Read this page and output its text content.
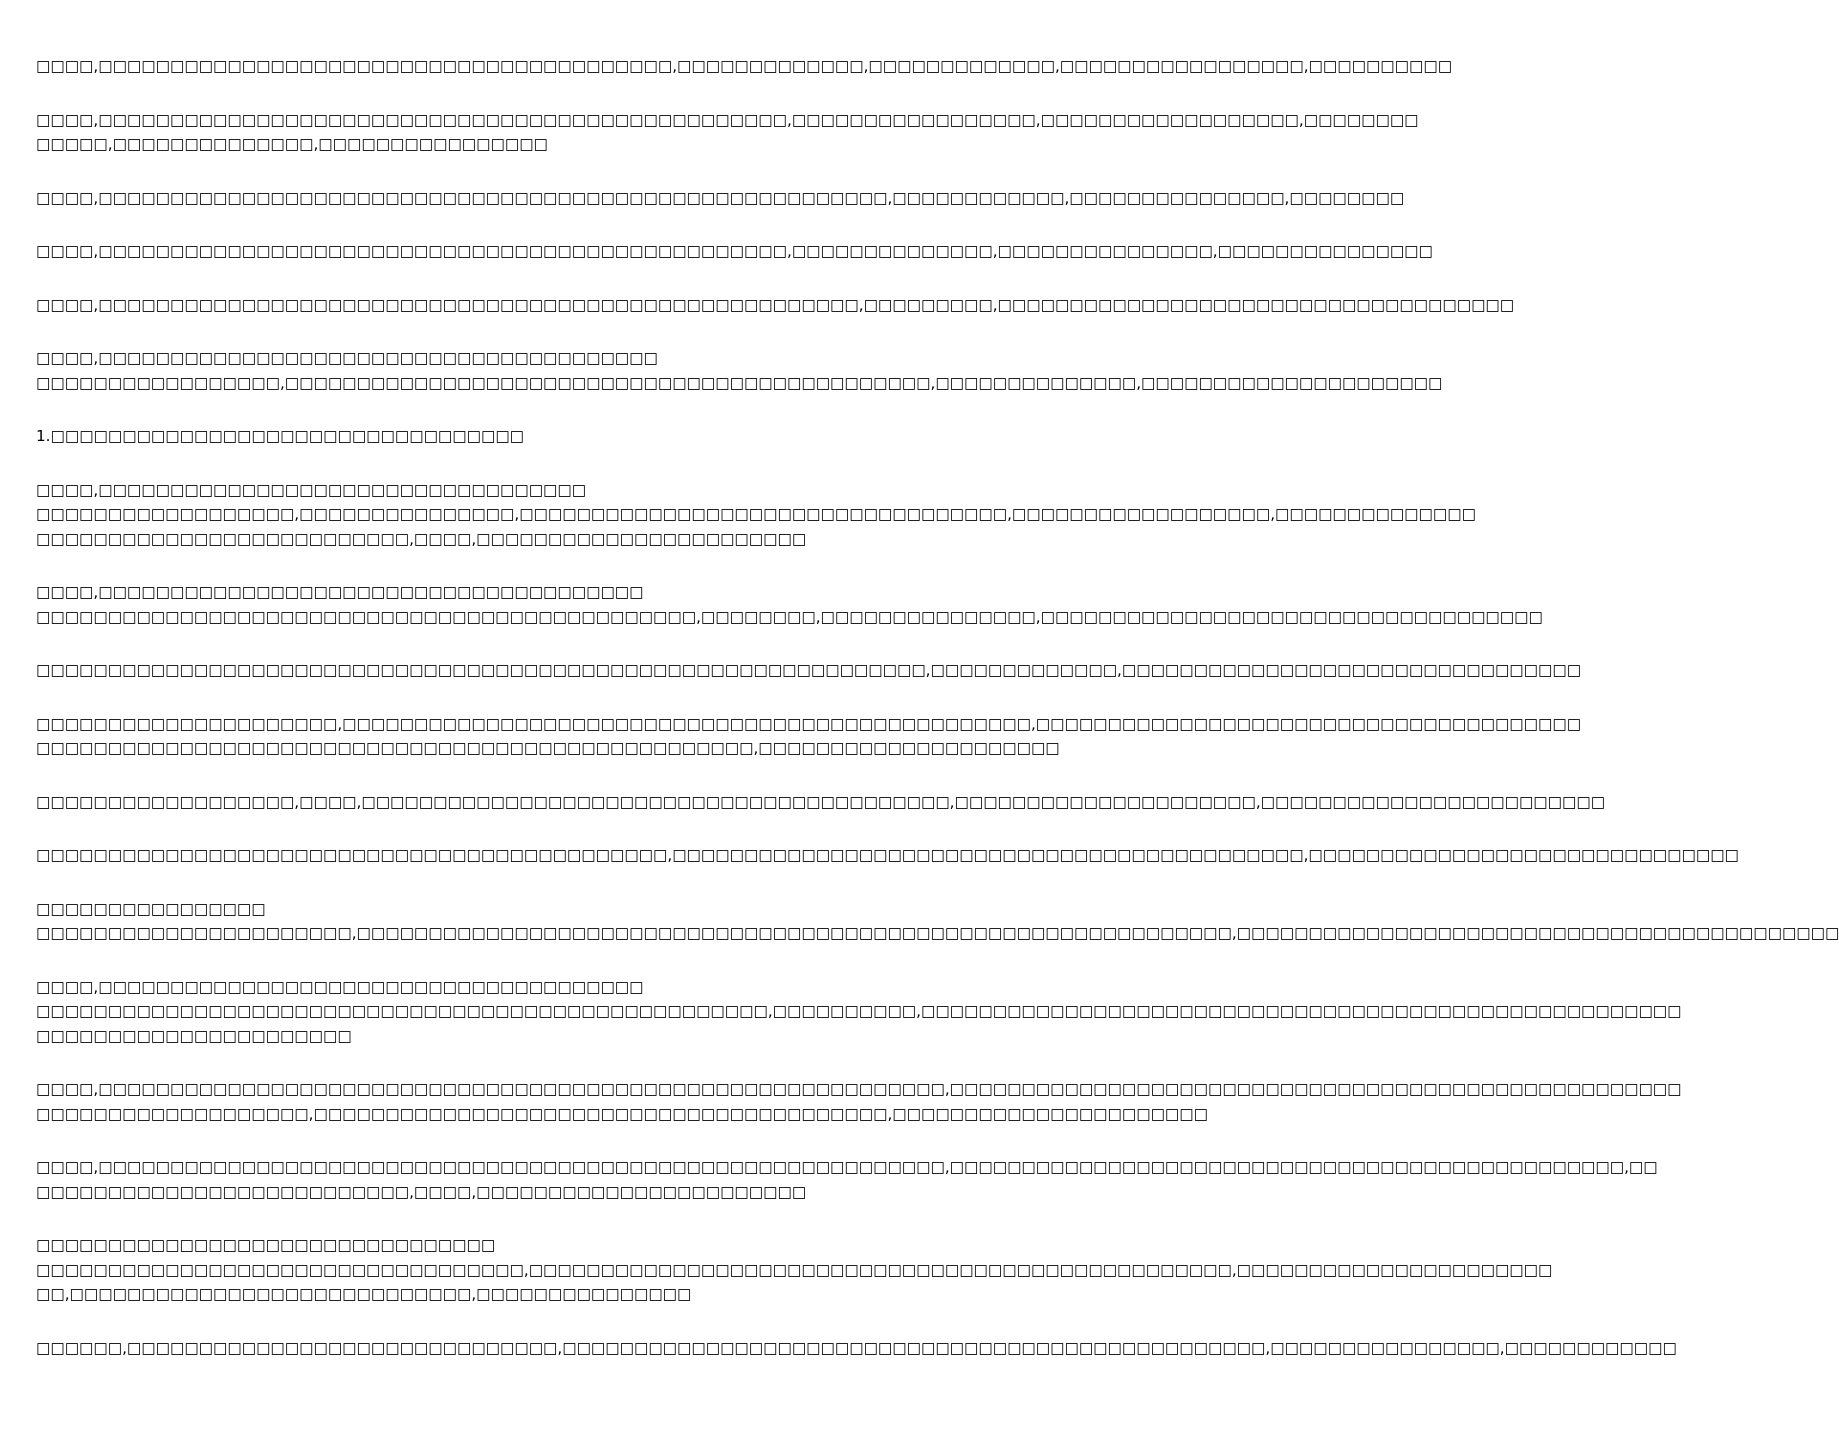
□□□□,□□□□□□□□□□□□□□□□□□□□□□□□□□□□□□□□□□□□□□□□,□□□□□□□□□□□□□,□□□□□□□□□□□□□,□□□□□□□□□□□□□□□□□,□□□□□□□□□□
□□□□,□□□□□□□□□□□□□□□□□□□□□□□□□□□□□□□□□□□□□□□□□□□□□□□□,□□□□□□□□□□□□□□□□□,□□□□□□□□□□□□□□□□□□,□□□□□□□□
□□□□□,□□□□□□□□□□□□□□,□□□□□□□□□□□□□□□□
□□□□,□□□□□□□□□□□□□□□□□□□□□□□□□□□□□□□□□□□□□□□□□□□□□□□□□□□□□□□,□□□□□□□□□□□□,□□□□□□□□□□□□□□□,□□□□□□□□
□□□□,□□□□□□□□□□□□□□□□□□□□□□□□□□□□□□□□□□□□□□□□□□□□□□□□,□□□□□□□□□□□□□□,□□□□□□□□□□□□□□□,□□□□□□□□□□□□□□□
□□□□,□□□□□□□□□□□□□□□□□□□□□□□□□□□□□□□□□□□□□□□□□□□□□□□□□□□□□,□□□□□□□□□,□□□□□□□□□□□□□□□□□□□□□□□□□□□□□□□□□□□□
□□□□,□□□□□□□□□□□□□□□□□□□□□□□□□□□□□□□□□□□□□□□
□□□□□□□□□□□□□□□□□,□□□□□□□□□□□□□□□□□□□□□□□□□□□□□□□□□□□□□□□□□□□□□,□□□□□□□□□□□□□□,□□□□□□□□□□□□□□□□□□□□□
1.□□□□□□□□□□□□□□□□□□□□□□□□□□□□□□□□□
□□□□,□□□□□□□□□□□□□□□□□□□□□□□□□□□□□□□□□□
□□□□□□□□□□□□□□□□□□,□□□□□□□□□□□□□□□,□□□□□□□□□□□□□□□□□□□□□□□□□□□□□□□□□□,□□□□□□□□□□□□□□□□□□,□□□□□□□□□□□□□□
□□□□□□□□□□□□□□□□□□□□□□□□□□,□□□□,□□□□□□□□□□□□□□□□□□□□□□□
□□□□,□□□□□□□□□□□□□□□□□□□□□□□□□□□□□□□□□□□□□□
□□□□□□□□□□□□□□□□□□□□□□□□□□□□□□□□□□□□□□□□□□□□□□,□□□□□□□□,□□□□□□□□□□□□□□□,□□□□□□□□□□□□□□□□□□□□□□□□□□□□□□□□□□□
□□□□□□□□□□□□□□□□□□□□□□□□□□□□□□□□□□□□□□□□□□□□□□□□□□□□□□□□□□□□□□,□□□□□□□□□□□□□,□□□□□□□□□□□□□□□□□□□□□□□□□□□□□□□□
□□□□□□□□□□□□□□□□□□□□□,□□□□□□□□□□□□□□□□□□□□□□□□□□□□□□□□□□□□□□□□□□□□□□□□,□□□□□□□□□□□□□□□□□□□□□□□□□□□□□□□□□□□□□□
□□□□□□□□□□□□□□□□□□□□□□□□□□□□□□□□□□□□□□□□□□□□□□□□□□,□□□□□□□□□□□□□□□□□□□□□
□□□□□□□□□□□□□□□□□□,□□□□,□□□□□□□□□□□□□□□□□□□□□□□□□□□□□□□□□□□□□□□□□,□□□□□□□□□□□□□□□□□□□□□,□□□□□□□□□□□□□□□□□□□□□□□□
□□□□□□□□□□□□□□□□□□□□□□□□□□□□□□□□□□□□□□□□□□□□,□□□□□□□□□□□□□□□□□□□□□□□□□□□□□□□□□□□□□□□□□□□□,□□□□□□□□□□□□□□□□□□□□□□□□□□□□□□
□□□□□□□□□□□□□□□□
□□□□□□□□□□□□□□□□□□□□□□,□□□□□□□□□□□□□□□□□□□□□□□□□□□□□□□□□□□□□□□□□□□□□□□□□□□□□□□□□□□□□,□□□□□□□□□□□□□□□□□□□□□□□□□□□□□□□□□□□□□□□□□□
□□□□,□□□□□□□□□□□□□□□□□□□□□□□□□□□□□□□□□□□□□□
□□□□□□□□□□□□□□□□□□□□□□□□□□□□□□□□□□□□□□□□□□□□□□□□□□□,□□□□□□□□□□,□□□□□□□□□□□□□□□□□□□□□□□□□□□□□□□□□□□□□□□□□□□□□□□□□□□□□
□□□□□□□□□□□□□□□□□□□□□□
□□□□,□□□□□□□□□□□□□□□□□□□□□□□□□□□□□□□□□□□□□□□□□□□□□□□□□□□□□□□□□□□,□□□□□□□□□□□□□□□□□□□□□□□□□□□□□□□□□□□□□□□□□□□□□□□□□□□
□□□□□□□□□□□□□□□□□□□,□□□□□□□□□□□□□□□□□□□□□□□□□□□□□□□□□□□□□□□□,□□□□□□□□□□□□□□□□□□□□□□
□□□□,□□□□□□□□□□□□□□□□□□□□□□□□□□□□□□□□□□□□□□□□□□□□□□□□□□□□□□□□□□□,□□□□□□□□□□□□□□□□□□□□□□□□□□□□□□□□□□□□□□□□□□□□□□□,□□
□□□□□□□□□□□□□□□□□□□□□□□□□□,□□□□,□□□□□□□□□□□□□□□□□□□□□□□
□□□□□□□□□□□□□□□□□□□□□□□□□□□□□□□□
□□□□□□□□□□□□□□□□□□□□□□□□□□□□□□□□□□,□□□□□□□□□□□□□□□□□□□□□□□□□□□□□□□□□□□□□□□□□□□□□□□□□,□□□□□□□□□□□□□□□□□□□□□□
□□,□□□□□□□□□□□□□□□□□□□□□□□□□□□□,□□□□□□□□□□□□□□□
□□□□□□,□□□□□□□□□□□□□□□□□□□□□□□□□□□□□□,□□□□□□□□□□□□□□□□□□□□□□□□□□□□□□□□□□□□□□□□□□□□□□□□□,□□□□□□□□□□□□□□□□,□□□□□□□□□□□□
